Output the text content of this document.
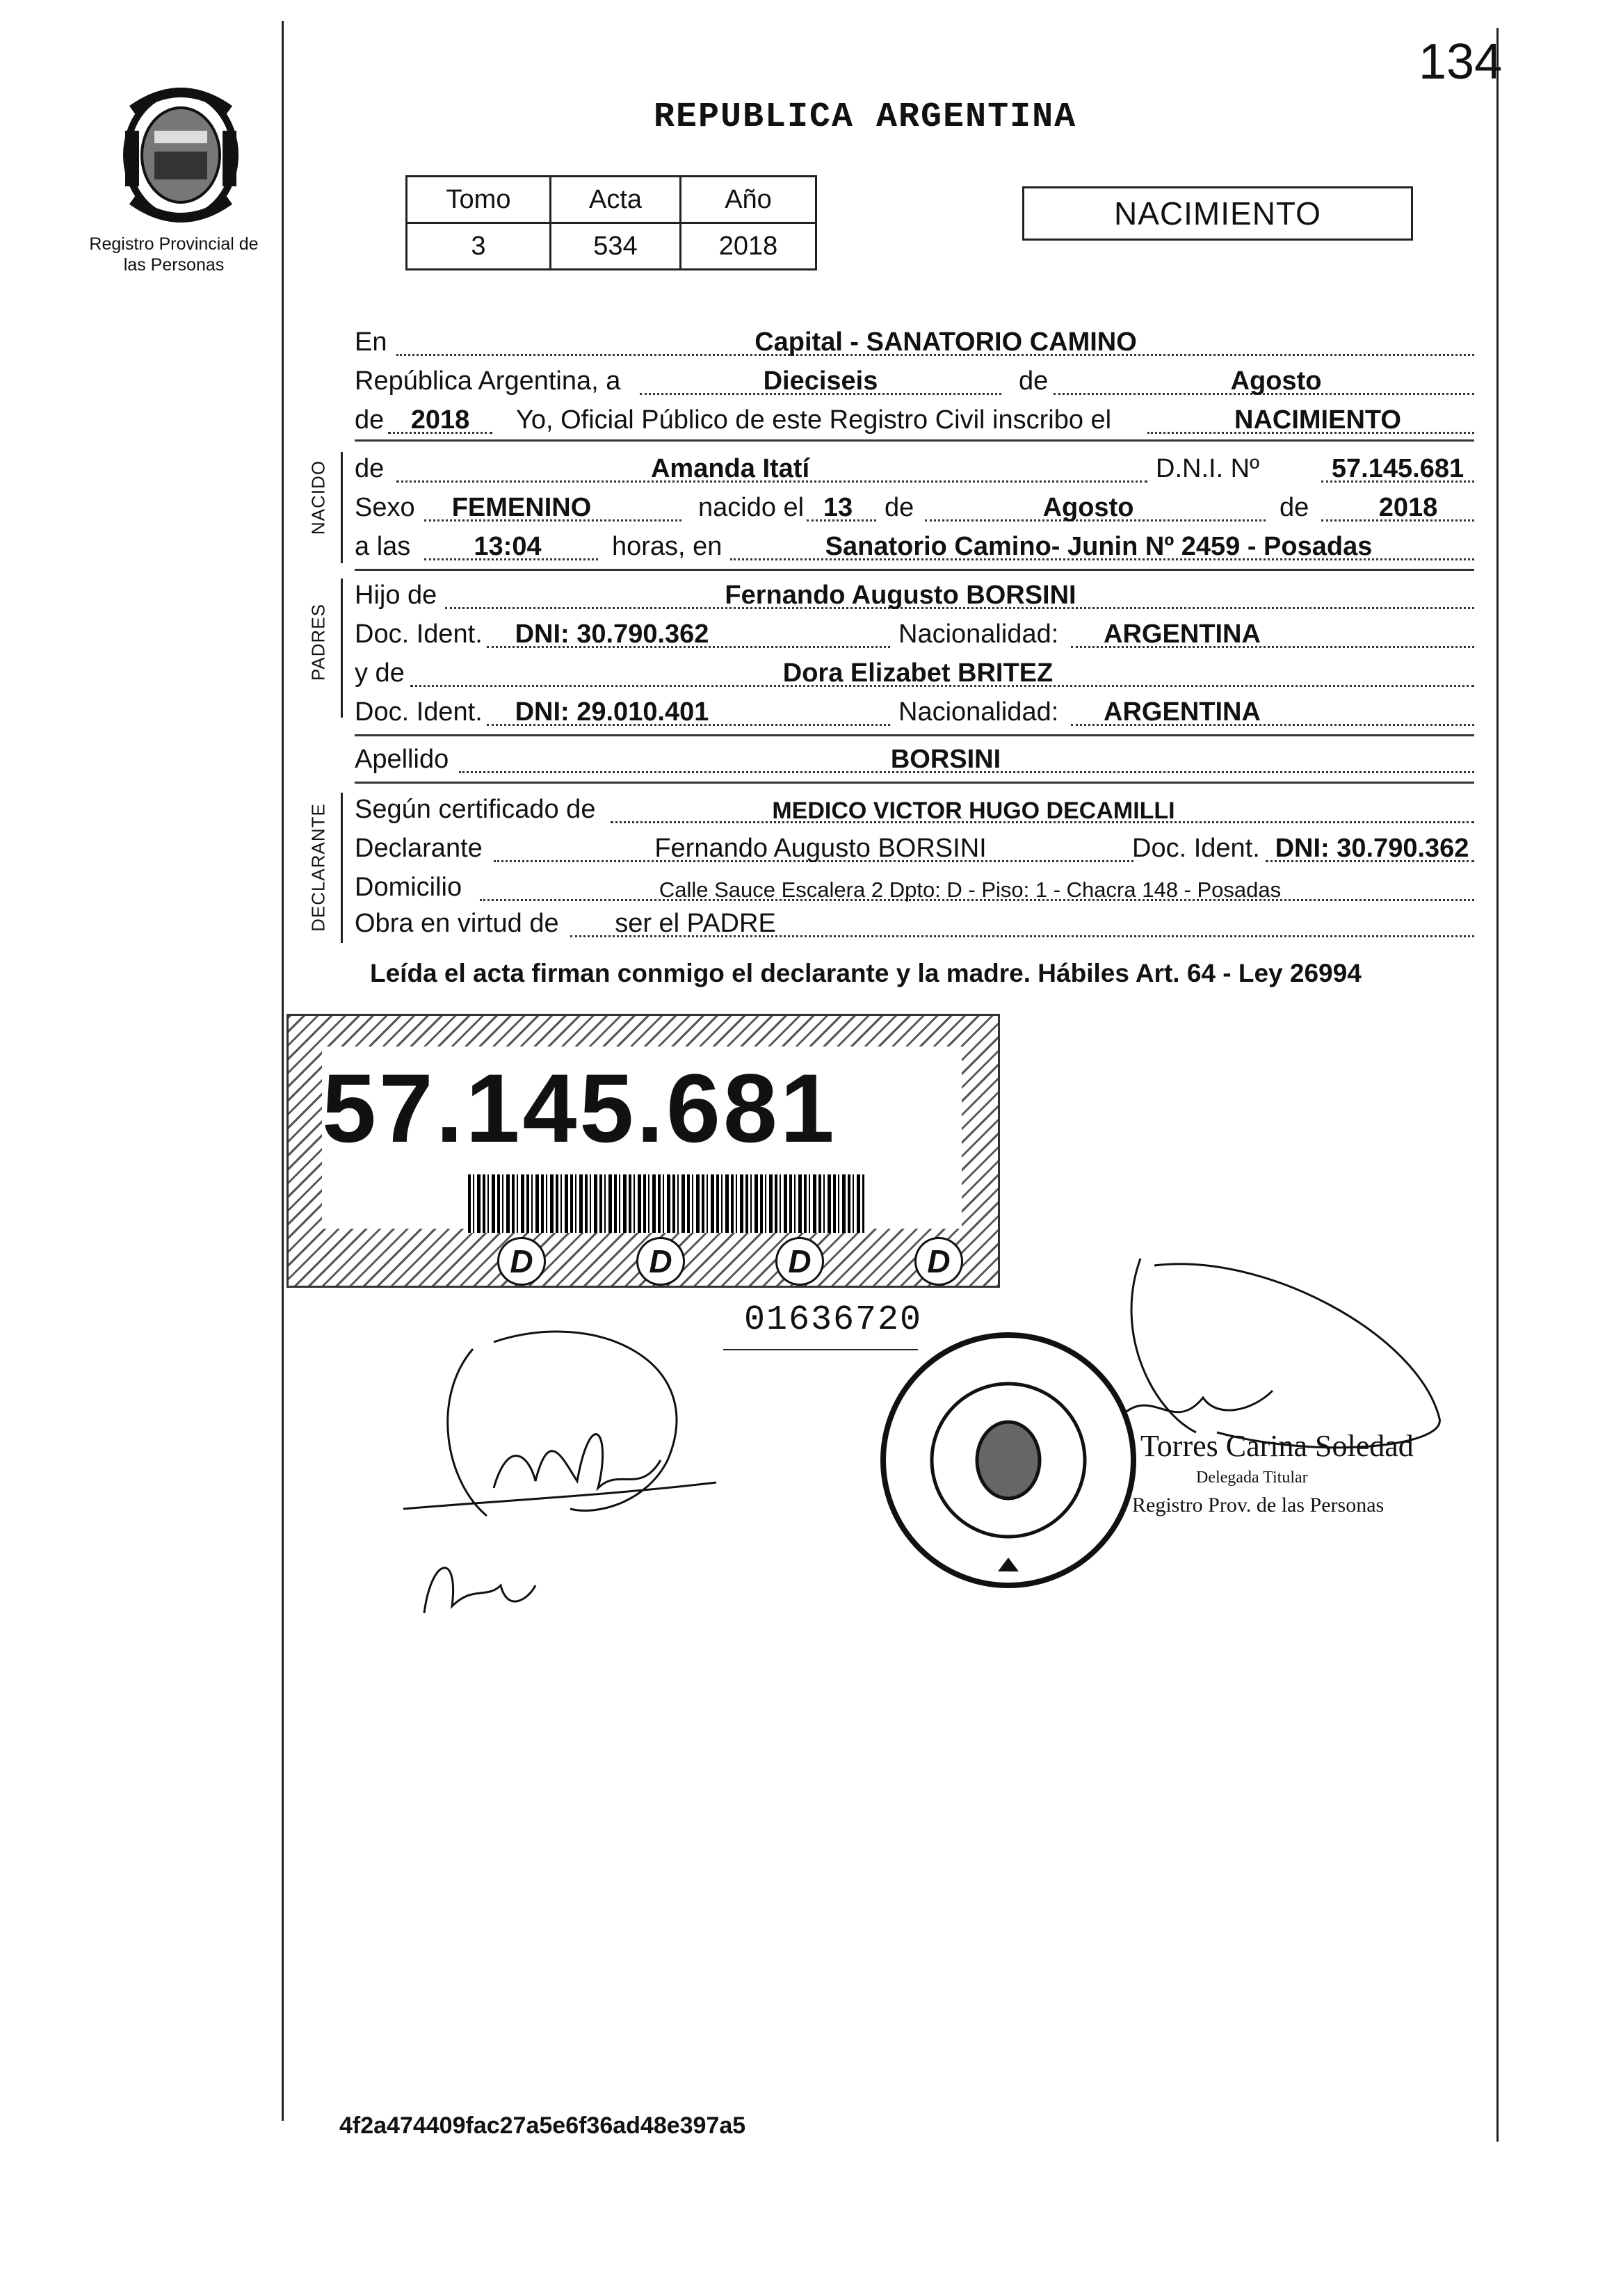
134
REPUBLICA ARGENTINA
Registro Provincial de las Personas
Tomo	Acta	Año
3	534	2018
NACIMIENTO
En	Capital - SANATORIO CAMINO
República Argentina, a	Dieciseis	de	Agosto
de	2018	Yo, Oficial Público de este Registro Civil inscribo el	NACIMIENTO
NACIDO de	Amanda Itatí	D.N.I. Nº	57.145.681
Sexo	FEMENINO	nacido el 13 de	Agosto	de	2018
a las	13:04	horas, en	Sanatorio Camino- Junin Nº 2459 - Posadas
PADRES
Hijo de	Fernando Augusto BORSINI
Doc. Ident.	DNI: 30.790.362	Nacionalidad:	ARGENTINA
y de	Dora Elizabet BRITEZ
Doc. Ident.	DNI: 29.010.401	Nacionalidad:	ARGENTINA
Apellido	BORSINI
DECLARANTE Según certificado de	MEDICO VICTOR HUGO DECAMILLI
Declarante	Fernando Augusto BORSINI	Doc. Ident. DNI: 30.790.362
Domicilio	Calle Sauce Escalera 2 Dpto: D - Piso: 1 - Chacra 148 - Posadas
Obra en virtud de	ser el PADRE
Leída el acta firman conmigo el declarante y la madre. Hábiles Art. 64 - Ley 26994
57.145.681
D	D	D	D
01636720
Torres Carina Soledad
Delegada Titular
Registro Prov. de las Personas
4f2a474409fac27a5e6f36ad48e397a5
